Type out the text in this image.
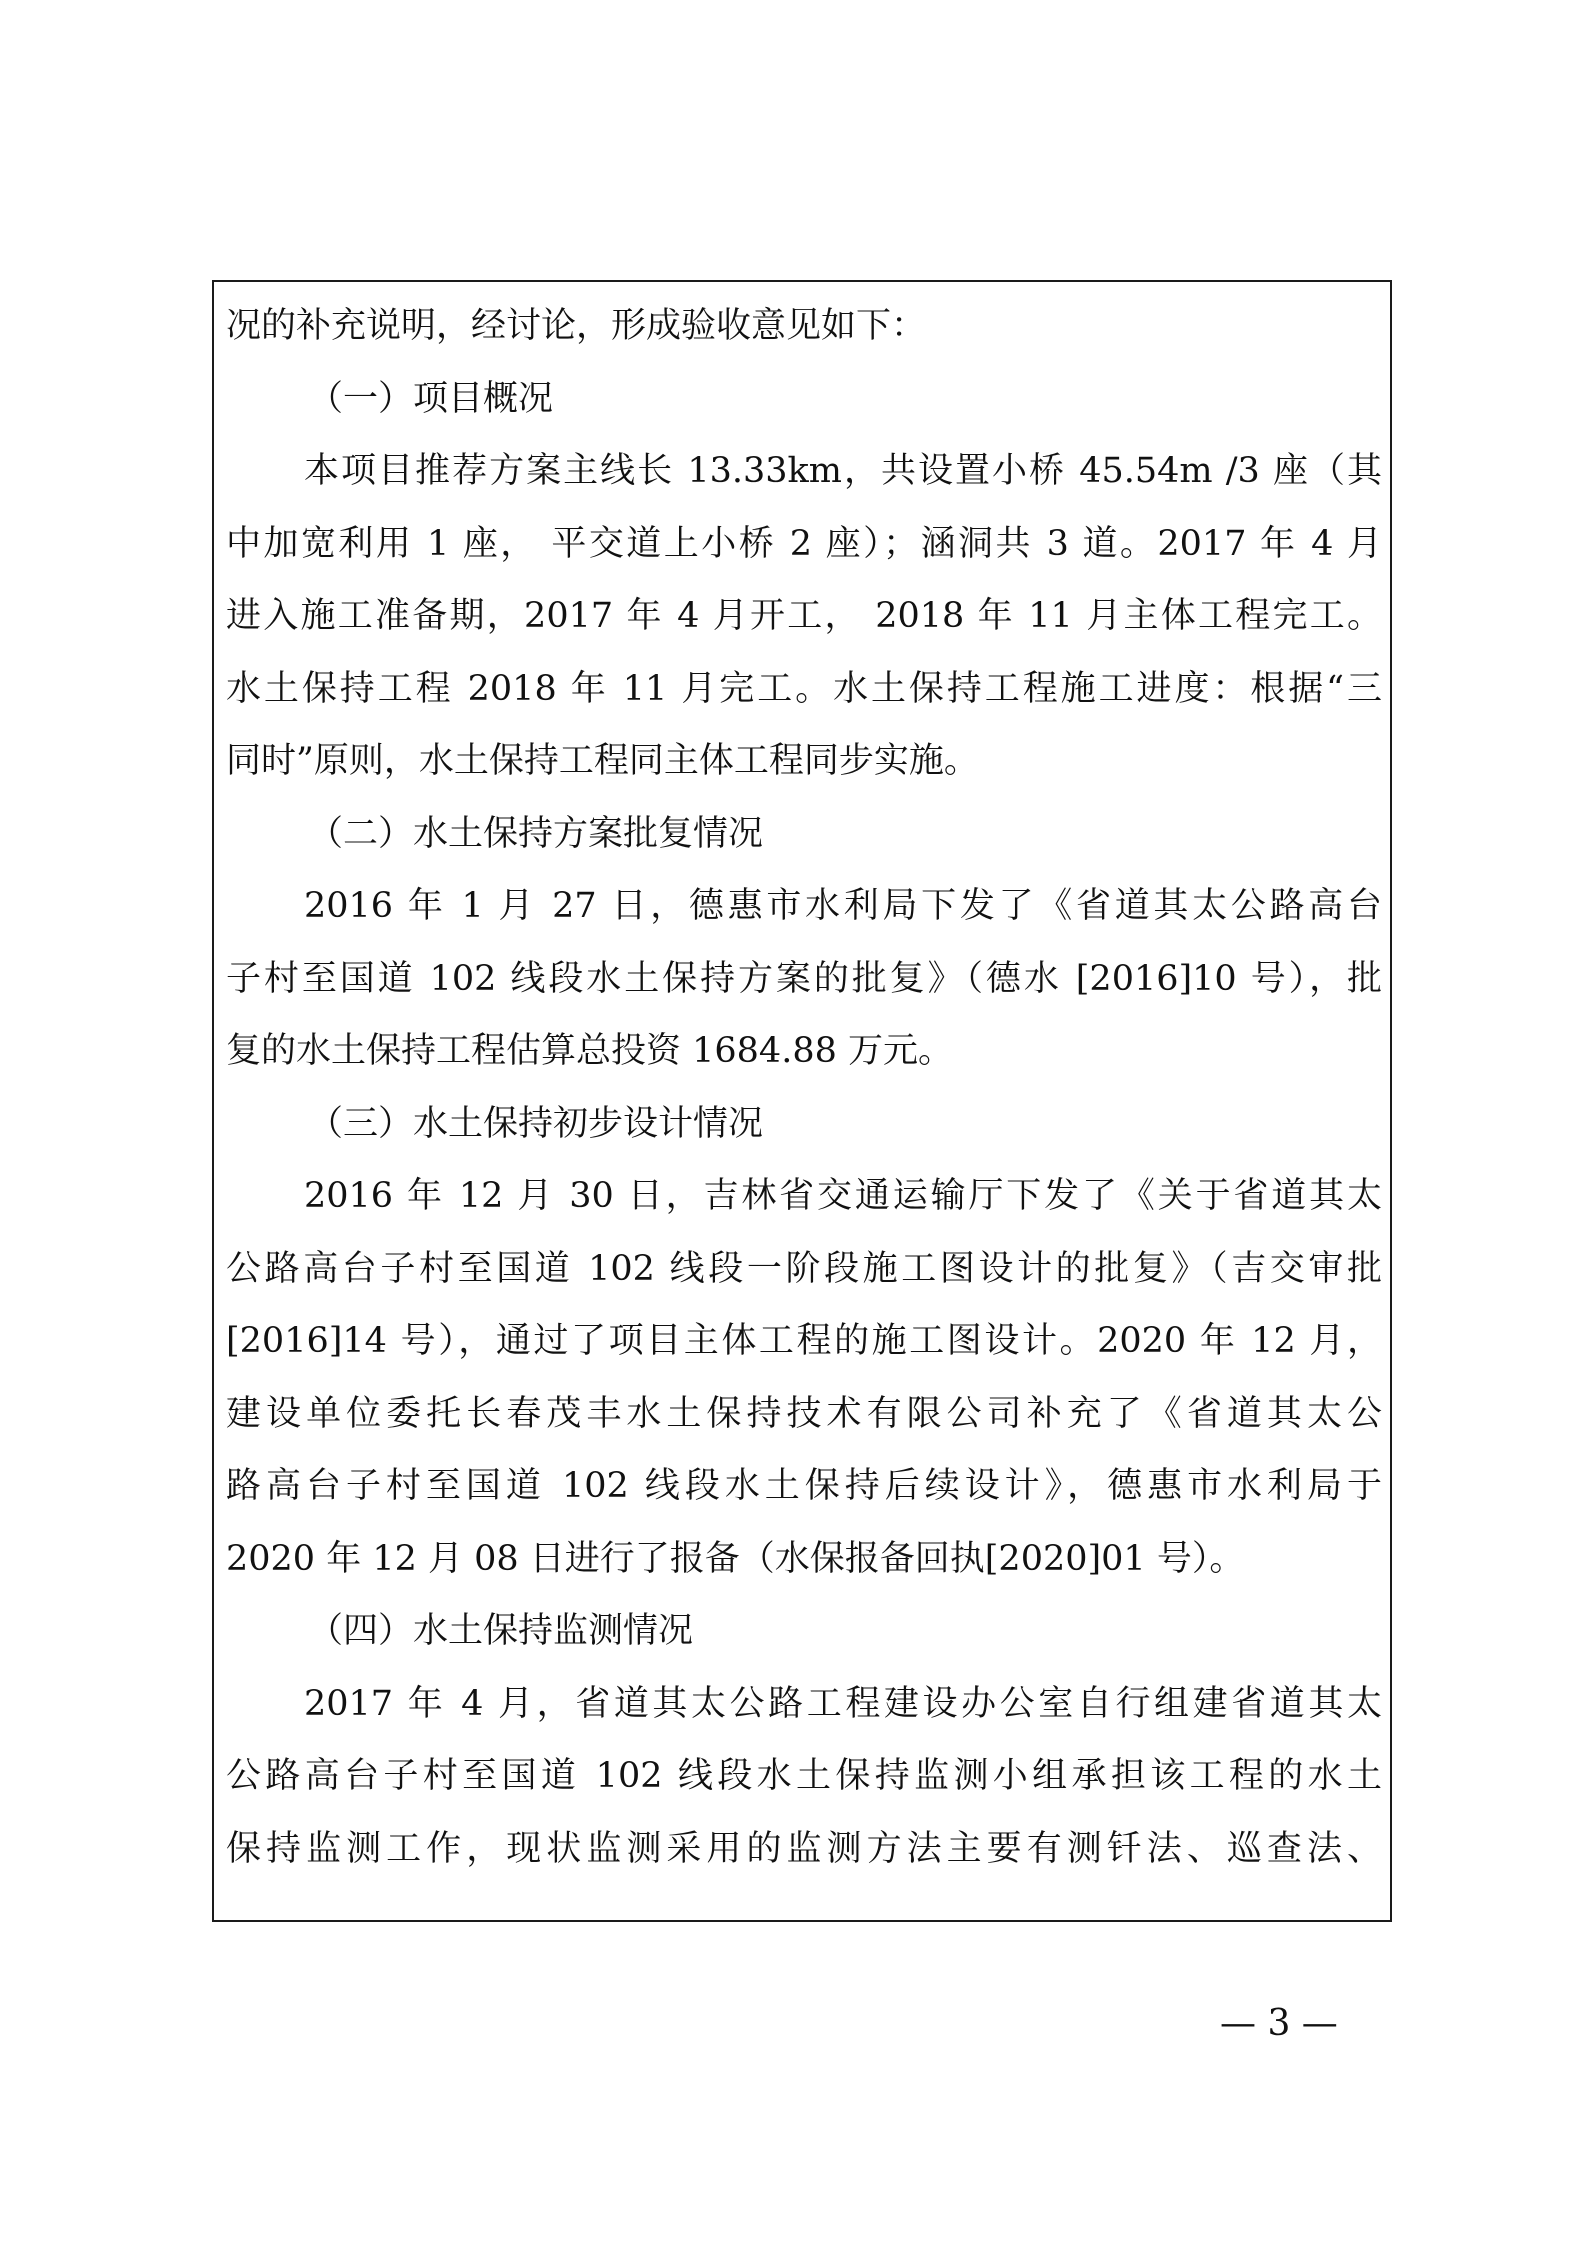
况的补充说明，经讨论，形成验收意见如下：
（一）项目概况
本项目推荐方案主线长 13.33km，共设置小桥 45.54m /3 座（其
中加宽利用 1 座， 平交道上小桥 2 座）；涵洞共 3 道。2017 年 4 月
进入施工准备期，2017 年 4 月开工， 2018 年 11 月主体工程完工。
水土保持工程 2018 年 11 月完工。水土保持工程施工进度：根据“三
同时”原则，水土保持工程同主体工程同步实施。
（二）水土保持方案批复情况
2016 年 1 月 27 日，德惠市水利局下发了《省道其太公路高台
子村至国道 102 线段水土保持方案的批复》（德水 [2016]10 号），批
复的水土保持工程估算总投资 1684.88 万元。
（三）水土保持初步设计情况
2016 年 12 月 30 日，吉林省交通运输厅下发了《关于省道其太
公路高台子村至国道 102 线段一阶段施工图设计的批复》（吉交审批
[2016]14 号），通过了项目主体工程的施工图设计。2020 年 12 月，
建设单位委托长春茂丰水土保持技术有限公司补充了《省道其太公
路高台子村至国道 102 线段水土保持后续设计》，德惠市水利局于
2020 年 12 月 08 日进行了报备（水保报备回执[2020]01 号）。
（四）水土保持监测情况
2017 年 4 月，省道其太公路工程建设办公室自行组建省道其太
公路高台子村至国道 102 线段水土保持监测小组承担该工程的水土
保持监测工作，现状监测采用的监测方法主要有测钎法、巡查法、
— 3 —
